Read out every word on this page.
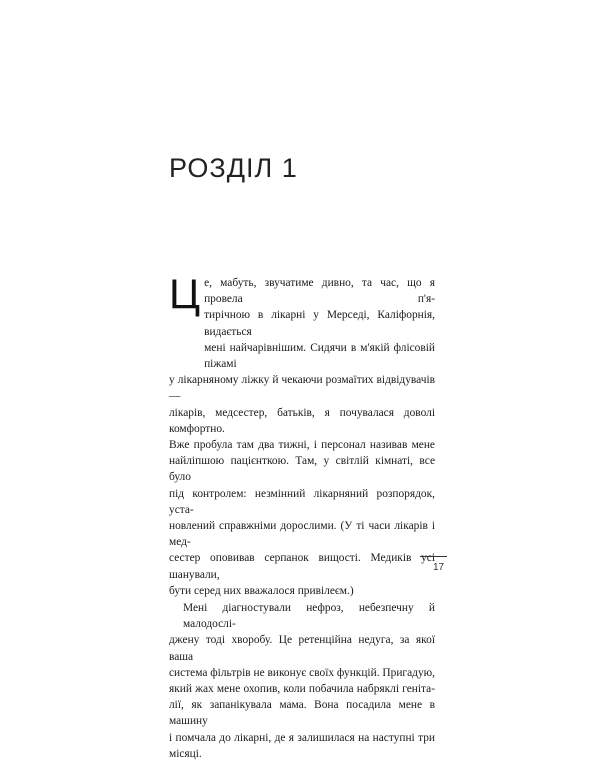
РОЗДІЛ 1
Ц е, мабуть, звучатиме дивно, та час, що я провела п'я-
тирічною в лікарні у Мерседі, Каліфорнія, видається
мені найчарівнішим. Сидячи в м'якій флісовій піжамі
у лікарняному ліжку й чекаючи розмаїтих відвідувачів —
лікарів, медсестер, батьків, я почувалася доволі комфортно.
Вже пробула там два тижні, і персонал називав мене
найліпшою пацієнткою. Там, у світлій кімнаті, все було
під контролем: незмінний лікарняний розпорядок, уста-
новлений справжніми дорослими. (У ті часи лікарів і мед-
сестер оповивав серпанок вищості. Медиків усі шанували,
бути серед них вважалося привілеєм.)
Мені діагностували нефроз, небезпечну й малодослі-
джену тоді хворобу. Це ретенційна недуга, за якої ваша
система фільтрів не виконує своїх функцій. Пригадую,
який жах мене охопив, коли побачила набряклі геніта-
лії, як запанікувала мама. Вона посадила мене в машину
і помчала до лікарні, де я залишилася на наступні три
місяці.
17
